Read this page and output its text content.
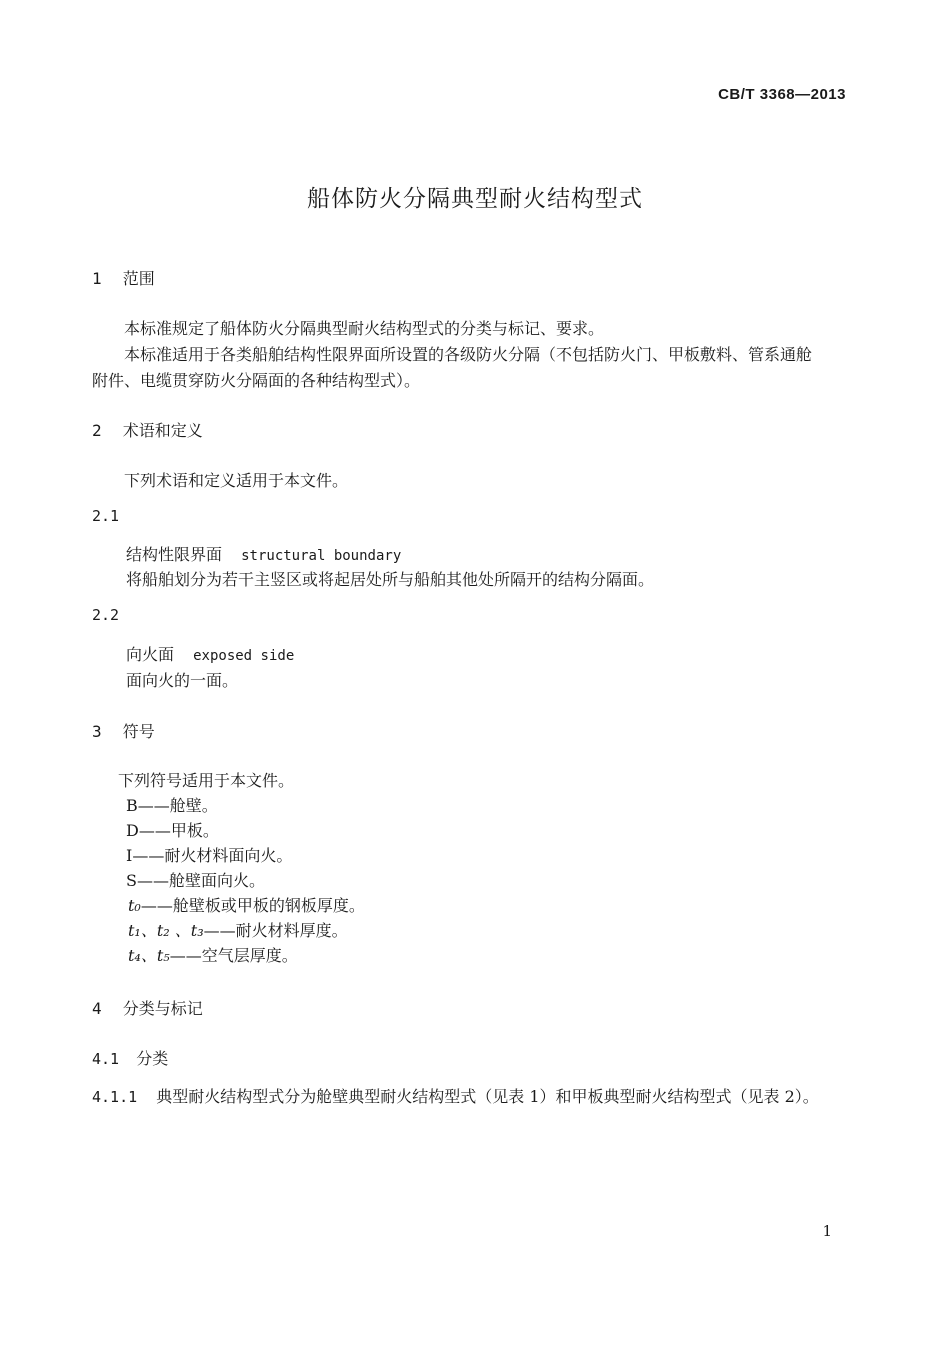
CB/T 3368—2013
船体防火分隔典型耐火结构型式
1 范围
本标准规定了船体防火分隔典型耐火结构型式的分类与标记、要求。
本标准适用于各类船舶结构性限界面所设置的各级防火分隔（不包括防火门、甲板敷料、管系通舱
附件、电缆贯穿防火分隔面的各种结构型式）。
2 术语和定义
下列术语和定义适用于本文件。
2.1
结构性限界面 structural boundary
将船舶划分为若干主竖区或将起居处所与船舶其他处所隔开的结构分隔面。
2.2
向火面 exposed side
面向火的一面。
3 符号
下列符号适用于本文件。
B——舱壁。
D——甲板。
I——耐火材料面向火。
S——舱壁面向火。
t₀——舱壁板或甲板的钢板厚度。
t₁、t₂ 、t₃——耐火材料厚度。
t₄、t₅——空气层厚度。
4 分类与标记
4.1 分类
4.1.1 典型耐火结构型式分为舱壁典型耐火结构型式（见表 1）和甲板典型耐火结构型式（见表 2）。
1
